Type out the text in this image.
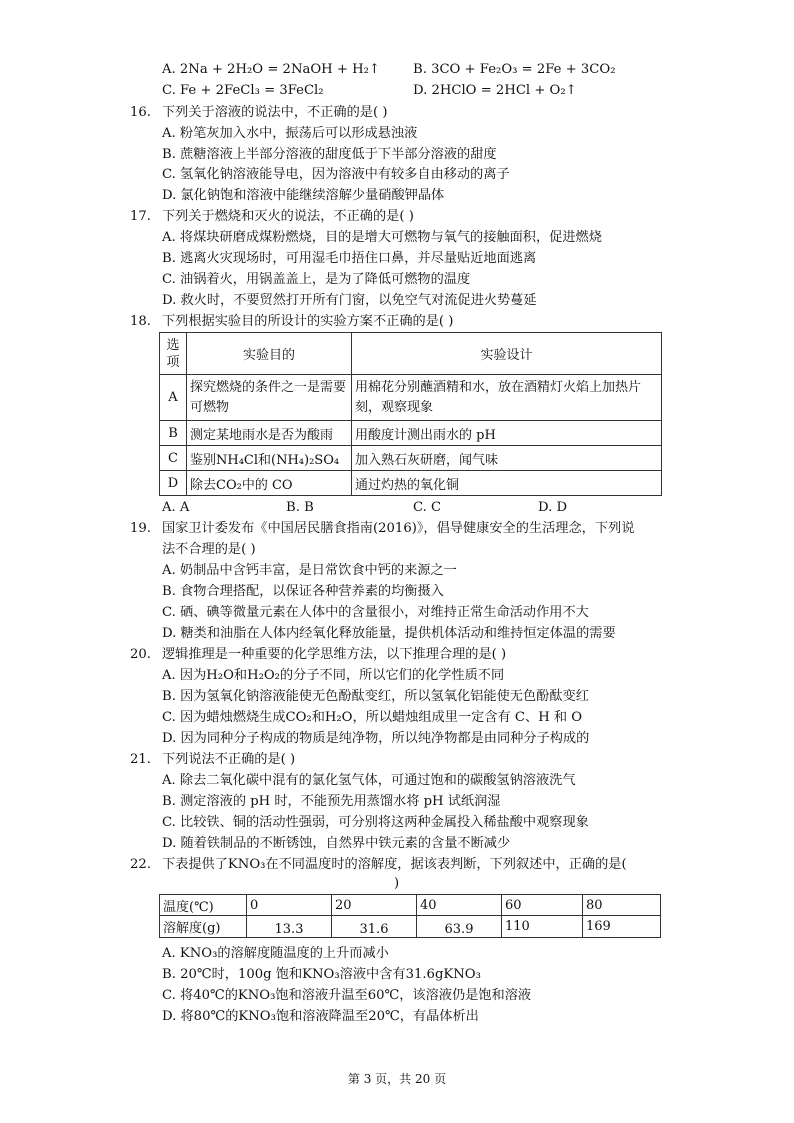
A. 2Na + 2H₂O = 2NaOH + H₂↑	B. 3CO + Fe₂O₃ = 2Fe + 3CO₂
C. Fe + 2FeCl₃ = 3FeCl₂	D. 2HClO = 2HCl + O₂↑
16. 下列关于溶液的说法中，不正确的是( )
A. 粉笔灰加入水中，振荡后可以形成悬浊液
B. 蔗糖溶液上半部分溶液的甜度低于下半部分溶液的甜度
C. 氢氧化钠溶液能导电，因为溶液中有较多自由移动的离子
D. 氯化钠饱和溶液中能继续溶解少量硝酸钾晶体
17. 下列关于燃烧和灭火的说法，不正确的是( )
A. 将煤块研磨成煤粉燃烧，目的是增大可燃物与氧气的接触面积，促进燃烧
B. 逃离火灾现场时，可用湿毛巾捂住口鼻，并尽量贴近地面逃离
C. 油锅着火，用锅盖盖上，是为了降低可燃物的温度
D. 救火时，不要贸然打开所有门窗，以免空气对流促进火势蔓延
18. 下列根据实验目的所设计的实验方案不正确的是( )
选项	实验目的	实验设计
A	探究燃烧的条件之一是需要可燃物	用棉花分别蘸酒精和水，放在酒精灯火焰上加热片刻，观察现象
B	测定某地雨水是否为酸雨	用酸度计测出雨水的 pH
C	鉴别NH₄Cl和(NH₄)₂SO₄	加入熟石灰研磨，闻气味
D	除去CO₂中的 CO	通过灼热的氧化铜
A. A	B. B	C. C	D. D
19. 国家卫计委发布《中国居民膳食指南(2016)》，倡导健康安全的生活理念，下列说
法不合理的是( )
A. 奶制品中含钙丰富，是日常饮食中钙的来源之一
B. 食物合理搭配，以保证各种营养素的均衡摄入
C. 硒、碘等微量元素在人体中的含量很小，对维持正常生命活动作用不大
D. 糖类和油脂在人体内经氧化释放能量，提供机体活动和维持恒定体温的需要
20. 逻辑推理是一种重要的化学思维方法，以下推理合理的是( )
A. 因为H₂O和H₂O₂的分子不同，所以它们的化学性质不同
B. 因为氢氧化钠溶液能使无色酚酞变红，所以氢氧化铝能使无色酚酞变红
C. 因为蜡烛燃烧生成CO₂和H₂O，所以蜡烛组成里一定含有 C、H 和 O
D. 因为同种分子构成的物质是纯净物，所以纯净物都是由同种分子构成的
21. 下列说法不正确的是( )
A. 除去二氧化碳中混有的氯化氢气体，可通过饱和的碳酸氢钠溶液洗气
B. 测定溶液的 pH 时，不能预先用蒸馏水将 pH 试纸润湿
C. 比较铁、铜的活动性强弱，可分别将这两种金属投入稀盐酸中观察现象
D. 随着铁制品的不断锈蚀，自然界中铁元素的含量不断减少
22. 下表提供了KNO₃在不同温度时的溶解度，据该表判断，下列叙述中，正确的是(
)
温度(℃)	0	20	40	60	80
溶解度(g)	13.3	31.6	63.9	110	169
A. KNO₃的溶解度随温度的上升而减小
B. 20℃时，100g 饱和KNO₃溶液中含有31.6gKNO₃
C. 将40℃的KNO₃饱和溶液升温至60℃，该溶液仍是饱和溶液
D. 将80℃的KNO₃饱和溶液降温至20℃，有晶体析出
第 3 页，共 20 页
